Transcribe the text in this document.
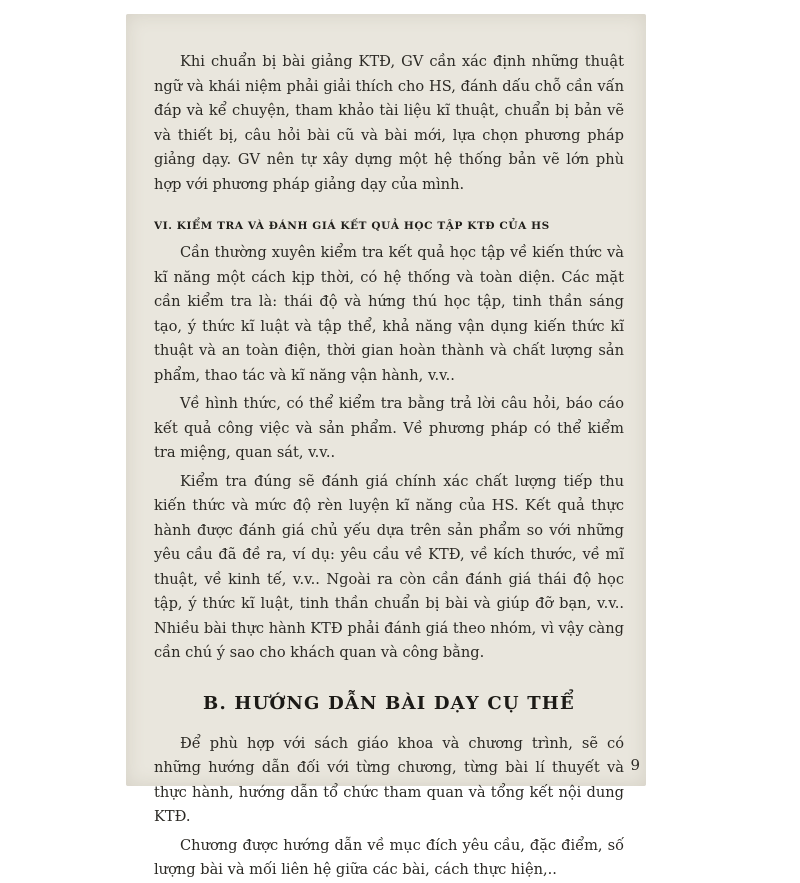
Khi chuẩn bị bài giảng KTĐ, GV cần xác định những thuật ngữ và khái niệm phải giải thích cho HS, đánh dấu chỗ cần vấn đáp và kể chuyện, tham khảo tài liệu kĩ thuật, chuẩn bị bản vẽ và thiết bị, câu hỏi bài cũ và bài mới, lựa chọn phương pháp giảng dạy. GV nên tự xây dựng một hệ thống bản vẽ lớn phù hợp với phương pháp giảng dạy của mình.

VI. KIỂM TRA VÀ ĐÁNH GIÁ KẾT QUẢ HỌC TẬP KTĐ CỦA HS

Cần thường xuyên kiểm tra kết quả học tập về kiến thức và kĩ năng một cách kịp thời, có hệ thống và toàn diện. Các mặt cần kiểm tra là: thái độ và hứng thú học tập, tinh thần sáng tạo, ý thức kĩ luật và tập thể, khả năng vận dụng kiến thức kĩ thuật và an toàn điện, thời gian hoàn thành và chất lượng sản phẩm, thao tác và kĩ năng vận hành, v.v..

Về hình thức, có thể kiểm tra bằng trả lời câu hỏi, báo cáo kết quả công việc và sản phẩm. Về phương pháp có thể kiểm tra miệng, quan sát, v.v..

Kiểm tra đúng sẽ đánh giá chính xác chất lượng tiếp thu kiến thức và mức độ rèn luyện kĩ năng của HS. Kết quả thực hành được đánh giá chủ yếu dựa trên sản phẩm so với những yêu cầu đã đề ra, ví dụ: yêu cầu về KTĐ, về kích thước, về mĩ thuật, về kinh tế, v.v.. Ngoài ra còn cần đánh giá thái độ học tập, ý thức kĩ luật, tinh thần chuẩn bị bài và giúp đỡ bạn, v.v.. Nhiều bài thực hành KTĐ phải đánh giá theo nhóm, vì vậy càng cần chú ý sao cho khách quan và công bằng.

B. HƯỚNG DẪN BÀI DẠY CỤ THỂ

Để phù hợp với sách giáo khoa và chương trình, sẽ có những hướng dẫn đối với từng chương, từng bài lí thuyết và thực hành, hướng dẫn tổ chức tham quan và tổng kết nội dung KTĐ.

Chương được hướng dẫn về mục đích yêu cầu, đặc điểm, số lượng bài và mối liên hệ giữa các bài, cách thực hiện,..

9
